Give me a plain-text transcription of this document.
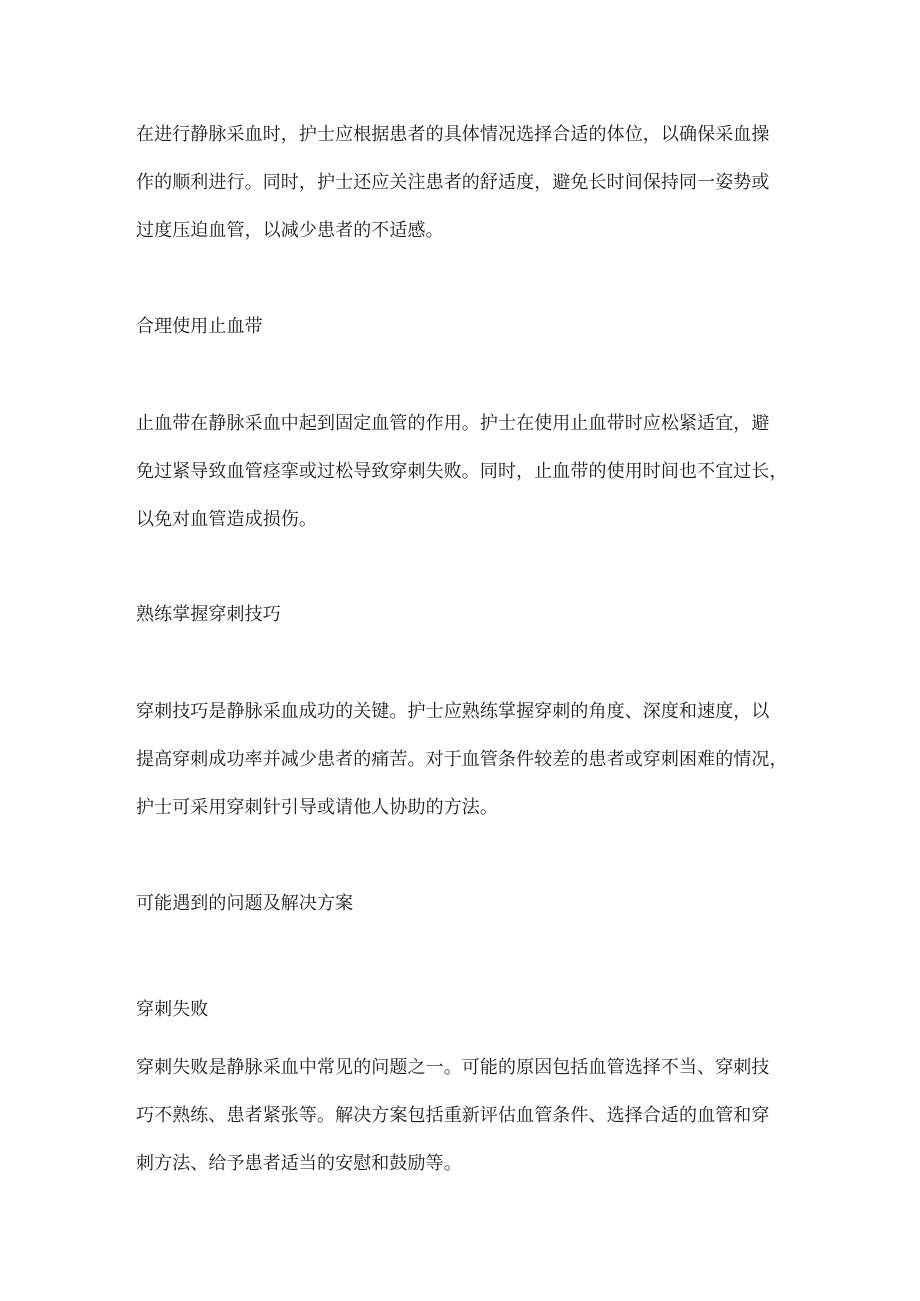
在进行静脉采血时，护士应根据患者的具体情况选择合适的体位，以确保采血操
作的顺利进行。同时，护士还应关注患者的舒适度，避免长时间保持同一姿势或
过度压迫血管，以减少患者的不适感。

合理使用止血带

止血带在静脉采血中起到固定血管的作用。护士在使用止血带时应松紧适宜，避
免过紧导致血管痉挛或过松导致穿刺失败。同时，止血带的使用时间也不宜过长，
以免对血管造成损伤。

熟练掌握穿刺技巧

穿刺技巧是静脉采血成功的关键。护士应熟练掌握穿刺的角度、深度和速度，以
提高穿刺成功率并减少患者的痛苦。对于血管条件较差的患者或穿刺困难的情况，
护士可采用穿刺针引导或请他人协助的方法。

可能遇到的问题及解决方案
穿刺失败

穿刺失败是静脉采血中常见的问题之一。可能的原因包括血管选择不当、穿刺技
巧不熟练、患者紧张等。解决方案包括重新评估血管条件、选择合适的血管和穿
刺方法、给予患者适当的安慰和鼓励等。
